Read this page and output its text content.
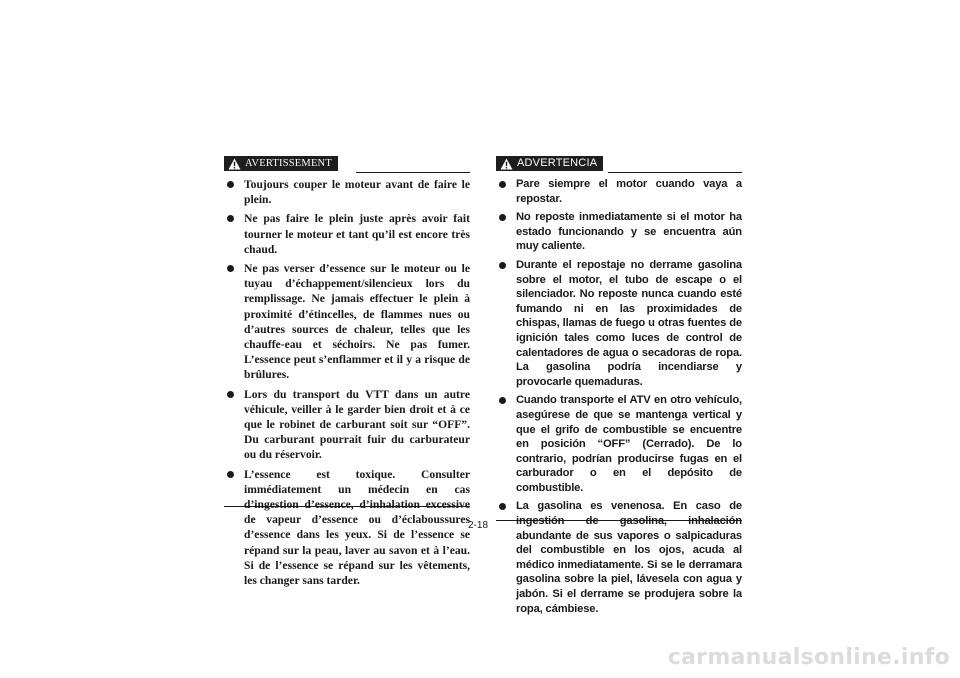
AVERTISSEMENT
Toujours couper le moteur avant de faire le plein.
Ne pas faire le plein juste après avoir fait tourner le moteur et tant qu’il est encore très chaud.
Ne pas verser d’essence sur le moteur ou le tuyau d’échappement/silencieux lors du remplissage. Ne jamais effectuer le plein à proximité d’étincelles, de flammes nues ou d’autres sources de chaleur, telles que les chauffe-eau et séchoirs. Ne pas fumer. L’essence peut s’enflammer et il y a risque de brûlures.
Lors du transport du VTT dans un autre véhicule, veiller à le garder bien droit et à ce que le robinet de carburant soit sur “OFF”. Du carburant pourrait fuir du carburateur ou du réservoir.
L’essence est toxique. Consulter immédiatement un médecin en cas d’ingestion d’essence, d’inhalation excessive de vapeur d’essence ou d’éclaboussures d’essence dans les yeux. Si de l’essence se répand sur la peau, laver au savon et à l’eau. Si de l’essence se répand sur les vêtements, les changer sans tarder.
ADVERTENCIA
Pare siempre el motor cuando vaya a repostar.
No reposte inmediatamente si el motor ha estado funcionando y se encuentra aún muy caliente.
Durante el repostaje no derrame gasolina sobre el motor, el tubo de escape o el silenciador. No reposte nunca cuando esté fumando ni en las proximidades de chispas, llamas de fuego u otras fuentes de ignición tales como luces de control de calentadores de agua o secadoras de ropa. La gasolina podría incendiarse y provocarle quemaduras.
Cuando transporte el ATV en otro vehículo, asegúrese de que se mantenga vertical y que el grifo de combustible se encuentre en posición “OFF” (Cerrado). De lo contrario, podrían producirse fugas en el carburador o en el depósito de combustible.
La gasolina es venenosa. En caso de ingestión de gasolina, inhalación abundante de sus vapores o salpicaduras del combustible en los ojos, acuda al médico inmediatamente. Si se le derramara gasolina sobre la piel, lávesela con agua y jabón. Si el derrame se produjera sobre la ropa, cámbiese.
2-18
carmanualsonline.info
